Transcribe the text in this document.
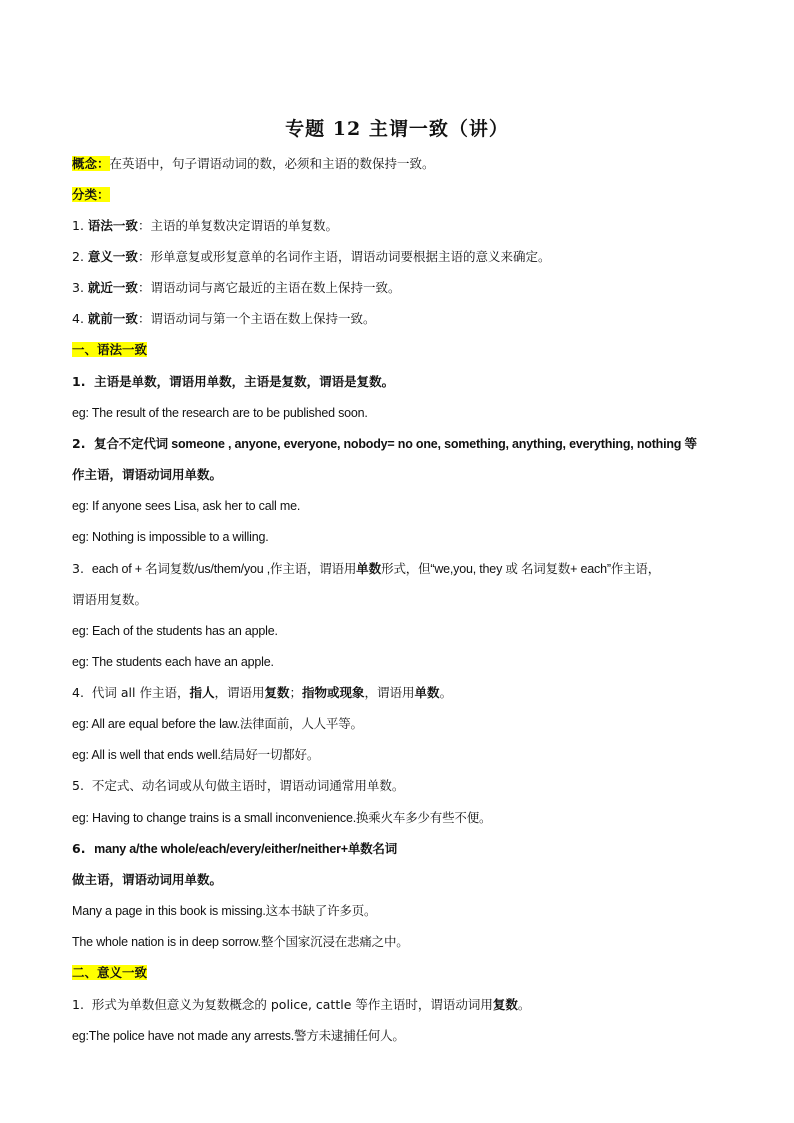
专题 12 主谓一致（讲）
概念：在英语中，句子谓语动词的数，必须和主语的数保持一致。
分类：
1. 语法一致：主语的单复数决定谓语的单复数。
2. 意义一致：形单意复或形复意单的名词作主语，谓语动词要根据主语的意义来确定。
3. 就近一致：谓语动词与离它最近的主语在数上保持一致。
4. 就前一致：谓语动词与第一个主语在数上保持一致。
一、语法一致
1. 主语是单数，谓语用单数，主语是复数，谓语是复数。
eg: The result of the research are to be published soon.
2. 复合不定代词 someone , anyone, everyone, nobody= no one, something, anything, everything, nothing 等
作主语，谓语动词用单数。
eg: If anyone sees Lisa, ask her to call me.
eg: Nothing is impossible to a willing.
3. each of + 名词复数/us/them/you ,作主语，谓语用单数形式，但“we,you, they 或 名词复数+ each”作主语，
谓语用复数。
eg: Each of the students has an apple.
eg: The students each have an apple.
4. 代词 all 作主语，指人，谓语用复数；指物或现象，谓语用单数。
eg: All are equal before the law.法律面前，人人平等。
eg: All is well that ends well.结局好一切都好。
5. 不定式、动名词或从句做主语时，谓语动词通常用单数。
eg: Having to change trains is a small inconvenience.换乘火车多少有些不便。
6. many a/the whole/each/every/either/neither+单数名词
做主语，谓语动词用单数。
Many a page in this book is missing.这本书缺了许多页。
The whole nation is in deep sorrow.整个国家沉浸在悲痛之中。
二、意义一致
1. 形式为单数但意义为复数概念的 police, cattle 等作主语时，谓语动词用复数。
eg:The police have not made any arrests.警方未逮捕任何人。
